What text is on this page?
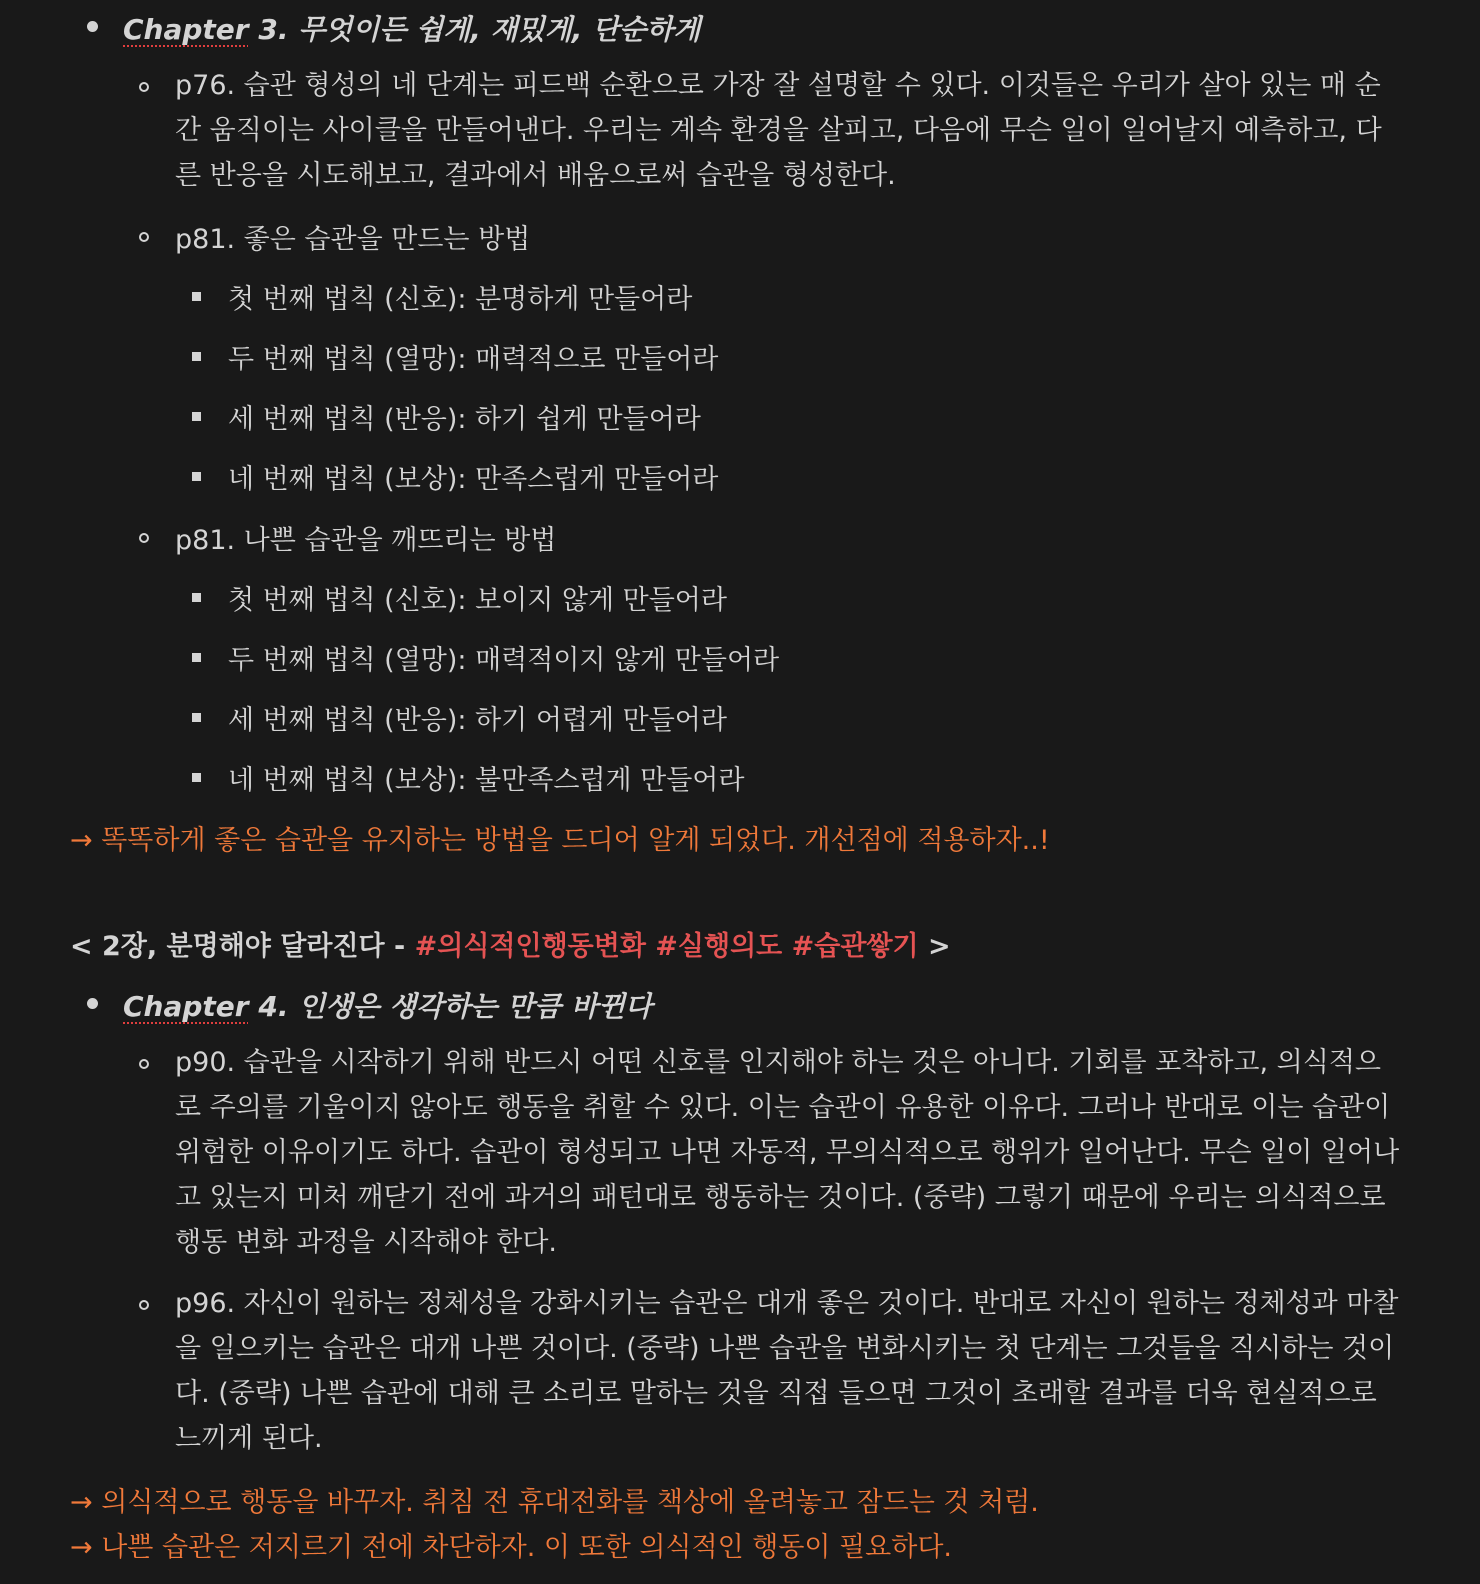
Chapter 3. 무엇이든 쉽게, 재밌게, 단순하게
p76. 습관 형성의 네 단계는 피드백 순환으로 가장 잘 설명할 수 있다. 이것들은 우리가 살아 있는 매 순간 움직이는 사이클을 만들어낸다. 우리는 계속 환경을 살피고, 다음에 무슨 일이 일어날지 예측하고, 다른 반응을 시도해보고, 결과에서 배움으로써 습관을 형성한다.
p81. 좋은 습관을 만드는 방법
첫 번째 법칙 (신호): 분명하게 만들어라
두 번째 법칙 (열망): 매력적으로 만들어라
세 번째 법칙 (반응): 하기 쉽게 만들어라
네 번째 법칙 (보상): 만족스럽게 만들어라
p81. 나쁜 습관을 깨뜨리는 방법
첫 번째 법칙 (신호): 보이지 않게 만들어라
두 번째 법칙 (열망): 매력적이지 않게 만들어라
세 번째 법칙 (반응): 하기 어렵게 만들어라
네 번째 법칙 (보상): 불만족스럽게 만들어라
→ 똑똑하게 좋은 습관을 유지하는 방법을 드디어 알게 되었다. 개선점에 적용하자..!
< 2장, 분명해야 달라진다 - #의식적인행동변화 #실행의도 #습관쌓기 >
Chapter 4. 인생은 생각하는 만큼 바뀐다
p90. 습관을 시작하기 위해 반드시 어떤 신호를 인지해야 하는 것은 아니다. 기회를 포착하고, 의식적으로 주의를 기울이지 않아도 행동을 취할 수 있다. 이는 습관이 유용한 이유다. 그러나 반대로 이는 습관이 위험한 이유이기도 하다. 습관이 형성되고 나면 자동적, 무의식적으로 행위가 일어난다. 무슨 일이 일어나고 있는지 미처 깨닫기 전에 과거의 패턴대로 행동하는 것이다. (중략) 그렇기 때문에 우리는 의식적으로 행동 변화 과정을 시작해야 한다.
p96. 자신이 원하는 정체성을 강화시키는 습관은 대개 좋은 것이다. 반대로 자신이 원하는 정체성과 마찰을 일으키는 습관은 대개 나쁜 것이다. (중략) 나쁜 습관을 변화시키는 첫 단계는 그것들을 직시하는 것이다. (중략) 나쁜 습관에 대해 큰 소리로 말하는 것을 직접 들으면 그것이 초래할 결과를 더욱 현실적으로 느끼게 된다.
→ 의식적으로 행동을 바꾸자. 취침 전 휴대전화를 책상에 올려놓고 잠드는 것 처럼.
→ 나쁜 습관은 저지르기 전에 차단하자. 이 또한 의식적인 행동이 필요하다.
